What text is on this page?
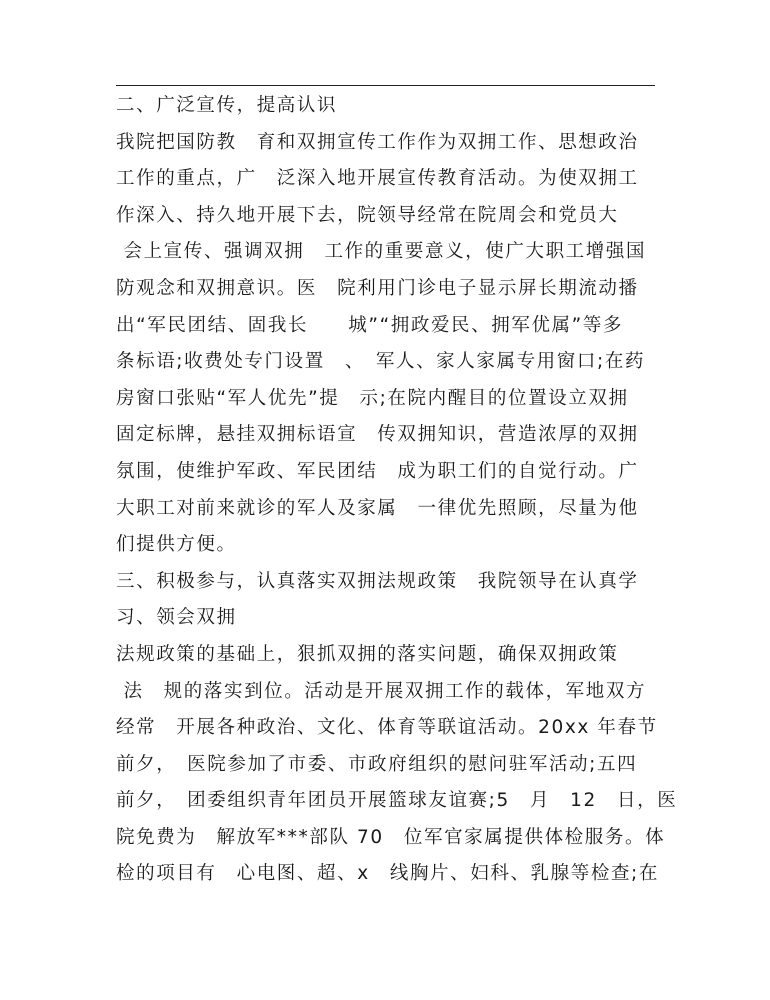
二、广泛宣传，提高认识
我院把国防教　育和双拥宣传工作作为双拥工作、思想政治
工作的重点，广　泛深入地开展宣传教育活动。为使双拥工
作深入、持久地开展下去，院领导经常在院周会和党员大
会上宣传、强调双拥　工作的重要意义，使广大职工增强国
防观念和双拥意识。医　院利用门诊电子显示屏长期流动播
出“军民团结、固我长　　城”“拥政爱民、拥军优属”等多
条标语;收费处专门设置　、　军人、家人家属专用窗口;在药
房窗口张贴“军人优先”提　示;在院内醒目的位置设立双拥
固定标牌，悬挂双拥标语宣　传双拥知识，营造浓厚的双拥
氛围，使维护军政、军民团结　成为职工们的自觉行动。广
大职工对前来就诊的军人及家属　一律优先照顾，尽量为他
们提供方便。
三、积极参与，认真落实双拥法规政策　我院领导在认真学
习、领会双拥
法规政策的基础上，狠抓双拥的落实问题，确保双拥政策
法　规的落实到位。活动是开展双拥工作的载体，军地双方
经常　开展各种政治、文化、体育等联谊活动。20xx 年春节
前夕，　医院参加了市委、市政府组织的慰问驻军活动;五四
前夕，　团委组织青年团员开展篮球友谊赛;5　月　12　日，医
院免费为　解放军***部队 70　位军官家属提供体检服务。体
检的项目有　心电图、超、x　线胸片、妇科、乳腺等检查;在
